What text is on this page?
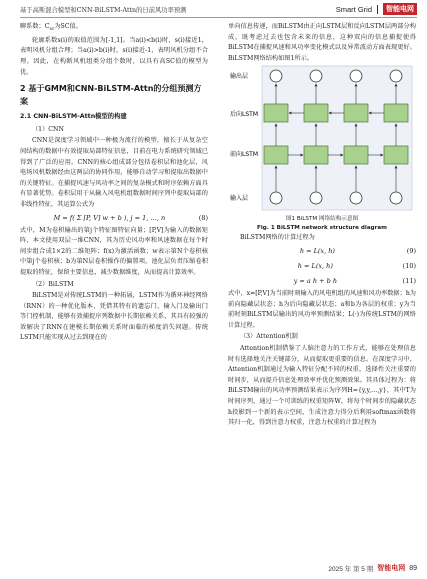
基于高斯混合模型和CNN-BiLSTM-Attn的日前风功率预测	Smart Grid	智能电网

聊系数；$C_{sc}$为SC值。

轮廓系数s(i)的取值范围为[-1,1]。当a(i)<b(i)时，s(i)接近1，表明风机分组合理；当a(i)>b(i)时，s(i)接近-1，表明风机分组不合理。因此，在构断风机组类分组个数时，以具有高SC值的模型为优。

2 基于GMM和CNN-BiLSTM-Attn的分组预测方案
2.1 CNN-BiLSTM-Attn模型的构建
（1）CNN

CNN是深度学习领域中一种极为流行的模型，擅长于从复杂空间结构的数据中有效提取局部特征信息，目前在电力系统研究领域已得到了广泛的应用。CNN的核心组成部分包括卷积层和池化层，风电场风机数据经由这两层的协同作用，能够自动学习和提取出数据中的关键特征。在捕捉风速与风功率之间的复杂模式和时序依赖方面具有显著优势。卷积层用于从输入风电机组数据时间序列中提取局部的非线性特征，其运算公式为

M = f( Σ [P, V] w + b ), j = 1, …, n	(8)

式中，M为卷积输出的第j个特征图特征向量；[P,V]为输入的数据矩阵，本文使用双层一维CNN，其为历史风功率和风速数据在每个时间步组合成1×2的二维矩阵；f(x)为激活函数；w表示第N个卷积核中第j个卷积核；b为第N层卷积操作的偏置项。池化层负责压缩卷积提取的特征，保留主要信息，减少数据维度，从而提高计算效率。

（2）BiLSTM

BiLSTM是对传统LSTM的一种拓展，LSTM作为循环神经网络（RNN）的一种优化版本，凭借其特有的遗忘门、输入门及输出门等门控机制，能够有效捕捉序列数据中长期依赖关系，其具有较强的效解决了RNN在建模长期依赖关系时面临的梯度消失问题。传统LSTM只能实现从过去到现在的

单向信息传递，而BiLSTM由正向LSTM层和反向LSTM层两部分构成，既考虑过去也包含未来的信息，这种双向的信息捕捉使得BiLSTM在捕捉风速和风功率变化模式以及异常波动方面表现更好。BiLSTM网络结构如图1所示。

输出层
后向LSTM
前向LSTM
输入层
图1 BiLSTM 网络结构示意图
Fig. 1 BiLSTM network structure diagram

BiLSTM网络的计算过程为

h = L(x, h)	(9)
h = L(x, h)	(10)
y = a h + b h	(11)

式中，x=[P,V]为当前时刻输入的风电机组的风速和风功率数据；h为前向隐藏层状态；h为后向隐藏层状态；a和b为各层的权重；y为当前时刻BiLSTM层输出的风功率预测结果；L(·)为传统LSTM的网络计算过程。

（3）Attention机制

Attention机制借鉴了人脑注意力的工作方式，能够在处理信息时有选择地关注关键部分，从而提取更重要的信息。在深度学习中，Attention机制通过为输入特征分配不同的权重，选择性关注重要的时间步，从而提升信息处理效率并优化预测效果。其具体过程为：将BiLSTM输出的风功率预测结果表示为序列H={y,y,…,y}，其中T为时间序列，通过一个可训练的权重矩阵W，将每个时间步的隐藏状态h投影到一个新的表示空间，生成注意力得分后利用softmax函数将其归一化，得到注意力权重，注意力权重的计算过程为

2025 年 第 5 期 智能电网 89
